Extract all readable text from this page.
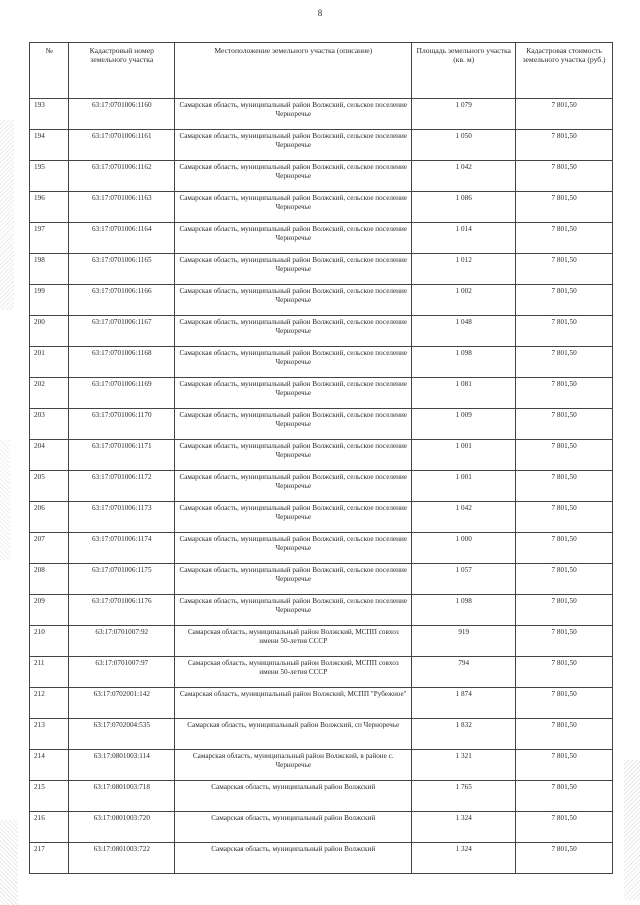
8
№	Кадастровый номер земельного участка	Местоположение земельного участка (описание)	Площадь земельного участка (кв. м)	Кадастровая стоимость земельного участка (руб.)
193	63:17:0701006:1160	Самарская область, муниципальный район Волжский, сельское поселение Черноречье	1 079	7 801,50
194	63:17:0701006:1161	Самарская область, муниципальный район Волжский, сельское поселение Черноречье	1 050	7 801,50
195	63:17:0701006:1162	Самарская область, муниципальный район Волжский, сельское поселение Черноречье	1 042	7 801,50
196	63:17:0701006:1163	Самарская область, муниципальный район Волжский, сельское поселение Черноречье	1 086	7 801,50
197	63:17:0701006:1164	Самарская область, муниципальный район Волжский, сельское поселение Черноречье	1 014	7 801,50
198	63:17:0701006:1165	Самарская область, муниципальный район Волжский, сельское поселение Черноречье	1 012	7 801,50
199	63:17:0701006:1166	Самарская область, муниципальный район Волжский, сельское поселение Черноречье	1 002	7 801,50
200	63:17:0701006:1167	Самарская область, муниципальный район Волжский, сельское поселение Черноречье	1 048	7 801,50
201	63:17:0701006:1168	Самарская область, муниципальный район Волжский, сельское поселение Черноречье	1 098	7 801,50
202	63:17:0701006:1169	Самарская область, муниципальный район Волжский, сельское поселение Черноречье	1 081	7 801,50
203	63:17:0701006:1170	Самарская область, муниципальный район Волжский, сельское поселение Черноречье	1 009	7 801,50
204	63:17:0701006:1171	Самарская область, муниципальный район Волжский, сельское поселение Черноречье	1 001	7 801,50
205	63:17:0701006:1172	Самарская область, муниципальный район Волжский, сельское поселение Черноречье	1 001	7 801,50
206	63:17:0701006:1173	Самарская область, муниципальный район Волжский, сельское поселение Черноречье	1 042	7 801,50
207	63:17:0701006:1174	Самарская область, муниципальный район Волжский, сельское поселение Черноречье	1 000	7 801,50
208	63:17:0701006:1175	Самарская область, муниципальный район Волжский, сельское поселение Черноречье	1 057	7 801,50
209	63:17:0701006:1176	Самарская область, муниципальный район Волжский, сельское поселение Черноречье	1 098	7 801,50
210	63:17:0701007:92	Самарская область, муниципальный район Волжский, МСПП совхоз имени 50-летия СССР	919	7 801,50
211	63:17:0701007:97	Самарская область, муниципальный район Волжский, МСПП совхоз имени 50-летия СССР	794	7 801,50
212	63:17:0702001:142	Самарская область, муниципальный район Волжский, МСПП "Рубежное"	1 874	7 801,50
213	63:17:0702004:535	Самарская область, муниципальный район Волжский, сп Черноречье	1 832	7 801,50
214	63:17:0801003:114	Самарская область, муниципальный район Волжский, в районе с. Черноречье	1 321	7 801,50
215	63:17:0801003:718	Самарская область, муниципальный район Волжский	1 765	7 801,50
216	63:17:0801003:720	Самарская область, муниципальный район Волжский	1 324	7 801,50
217	63:17:0801003:722	Самарская область, муниципальный район Волжский	1 324	7 801,50
